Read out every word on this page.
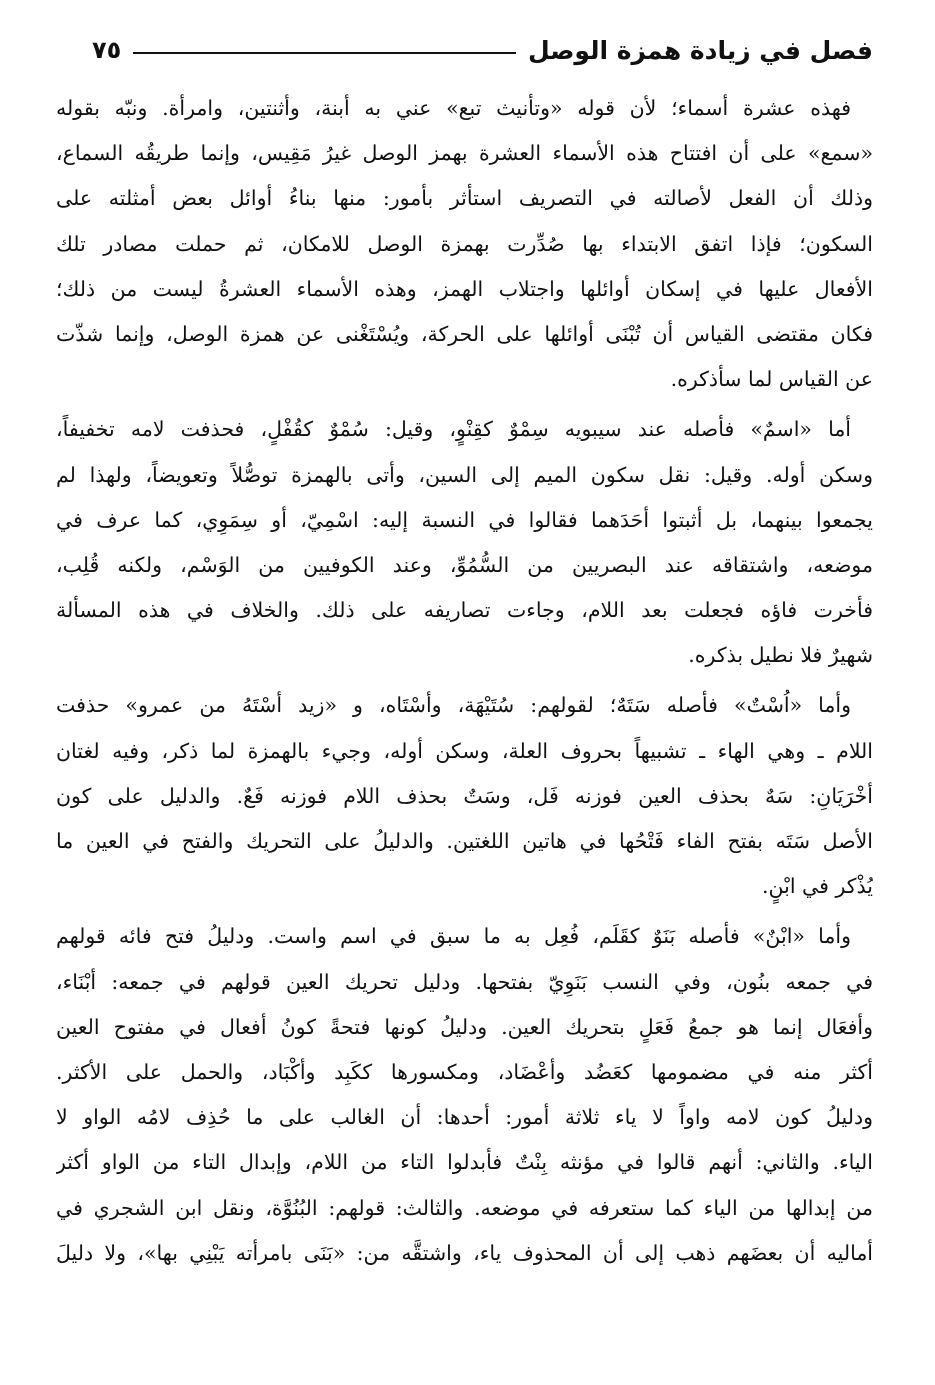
فصل في زيادة همزة الوصل
٧٥
فهذه عشرة أسماء؛ لأن قوله «وتأنيث تبع» عني به أبنة، وأثنتين، وامرأة. ونبّه بقوله
«سمع» على أن افتتاح هذه الأسماء العشرة بهمز الوصل غيرُ مَقِيس، وإنما طريقُه السماع،
وذلك أن الفعل لأصالته في التصريف استأثر بأمور: منها بناءُ أوائل بعض أمثلته على
السكون؛ فإذا اتفق الابتداء بها صُدِّرت بهمزة الوصل للامكان، ثم حملت مصادر تلك
الأفعال عليها في إسكان أوائلها واجتلاب الهمز، وهذه الأسماء العشرةُ ليست من ذلك؛
فكان مقتضى القياس أن تُبْنَى أوائلها على الحركة، ويُسْتَغْنى عن همزة الوصل، وإنما شذّت
عن القياس لما سأذكره.
أما «اسمٌ» فأصله عند سيبويه سِمْوٌ كقِنْوٍ، وقيل: سُمْوٌ كقُفْلٍ، فحذفت لامه تخفيفاً،
وسكن أوله. وقيل: نقل سكون الميم إلى السين، وأتى بالهمزة توصُّلاً وتعويضاً، ولهذا لم
يجمعوا بينهما، بل أثبتوا أحَدَهما فقالوا في النسبة إليه: اسْمِيّ، أو سِمَوِي، كما عرف في
موضعه، واشتقاقه عند البصريين من السُّمُوِّ، وعند الكوفيين من الوَسْم، ولكنه قُلِب،
فأخرت فاؤه فجعلت بعد اللام، وجاءت تصاريفه على ذلك. والخلاف في هذه المسألة
شهيرٌ فلا نطيل بذكره.
وأما «اُسْتٌ» فأصله سَتَهٌ؛ لقولهم: سُتَيْهَة، وأسْتَاه، و «زيد أسْتَهُ من عمرو» حذفت
اللام ـ وهي الهاء ـ تشبيهاً بحروف العلة، وسكن أوله، وجيء بالهمزة لما ذكر، وفيه لغتان
أخْرَيَانِ: سَهٌ بحذف العين فوزنه فَل، وسَتٌ بحذف اللام فوزنه فَعٌ. والدليل على كون
الأصل سَتَه بفتح الفاء فَتْحُها في هاتين اللغتين. والدليلُ على التحريك والفتح في العين ما
يُذْكر في ابْنٍ.
وأما «ابْنٌ» فأصله بَنَوٌ كقَلَم، فُعِل به ما سبق في اسم واست. ودليلُ فتح فائه قولهم
في جمعه بنُون، وفي النسب بَنَوِيّ بفتحها. ودليل تحريك العين قولهم في جمعه: أبْنَاء،
وأفعَال إنما هو جمعُ فَعَلٍ بتحريك العين. ودليلُ كونها فتحةً كونُ أفعال في مفتوح العين
أكثر منه في مضمومها كعَضُد وأعْضَاد، ومكسورها ككَبِد وأكْبَاد، والحمل على الأكثر.
ودليلُ كون لامه واواً لا ياء ثلاثة أمور: أحدها: أن الغالب على ما حُذِف لامُه الواو لا
الياء. والثاني: أنهم قالوا في مؤنثه بِنْتٌ فأبدلوا التاء من اللام، وإبدال التاء من الواو أكثر
من إبدالها من الياء كما ستعرفه في موضعه. والثالث: قولهم: البُنُوَّة، ونقل ابن الشجري في
أماليه أن بعضَهم ذهب إلى أن المحذوف ياء، واشتقَّه من: «بَنَى بامرأته يَبْنِي بها»، ولا دليلَ
